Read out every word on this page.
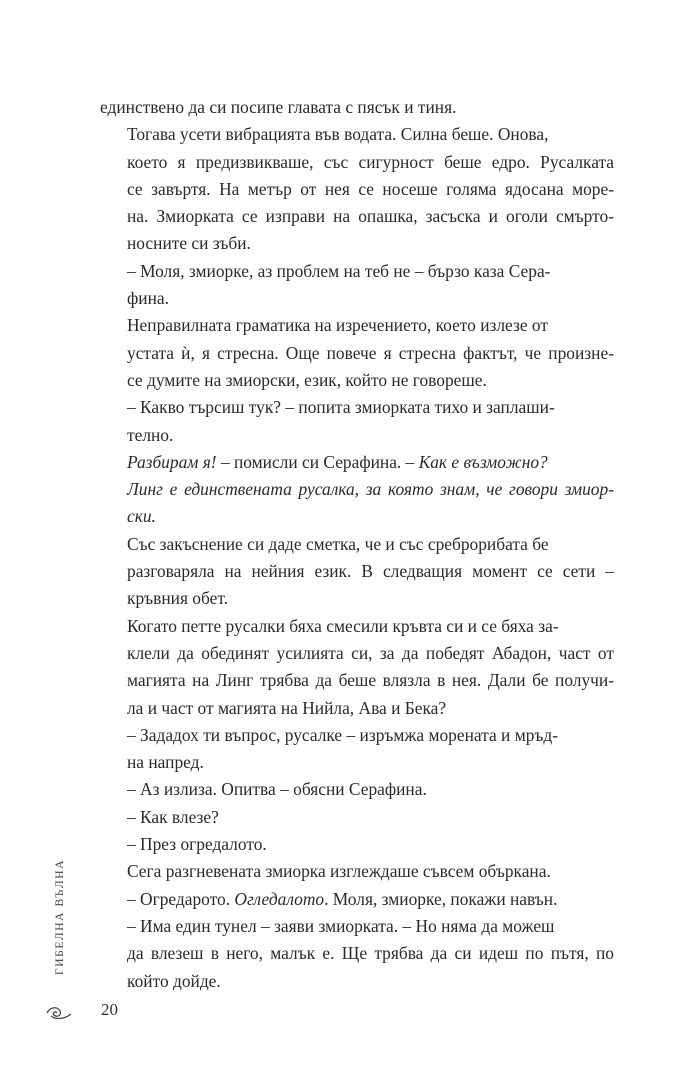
единствено да си посипе главата с пясък и тиня.

Тогава усети вибрацията във водата. Силна беше. Онова,
което я предизвикваше, със сигурност беше едро. Русалката
се завъртя. На метър от нея се носеше голяма ядосана море-
на. Змиорката се изправи на опашка, засъска и оголи смърто-
носните си зъби.

– Моля, змиорке, аз проблем на теб не – бързо каза Сера-
фина.

Неправилната граматика на изречението, което излезе от
устата ѝ, я стресна. Още повече я стресна фактът, че произне-
се думите на змиорски, език, който не говореше.

– Какво търсиш тук? – попита змиорката тихо и заплаши-
телно.

Разбирам я! – помисли си Серафина. – Как е възможно?
Линг е единствената русалка, за която знам, че говори змиор-
ски.

Със закъснение си даде сметка, че и със среброрибата бе
разговаряла на нейния език. В следващия момент се сети –
кръвния обет.

Когато петте русалки бяха смесили кръвта си и се бяха за-
клели да обединят усилията си, за да победят Абадон, част от
магията на Линг трябва да беше влязла в нея. Дали бе получи-
ла и част от магията на Нийла, Ава и Бека?

– Зададох ти въпрос, русалке – изръмжа морената и мръд-
на напред.

– Аз излиза. Опитва – обясни Серафина.

– Как влезе?

– През огредалото.

Сега разгневената змиорка изглеждаше съвсем объркана.

– Огредарото. Огледалото. Моля, змиорке, покажи навън.

– Има един тунел – заяви змиорката. – Но няма да можеш
да влезеш в него, малък е. Ще трябва да си идеш по пътя, по
който дойде.

ГИБЕЛНА ВЪЛНА
20
